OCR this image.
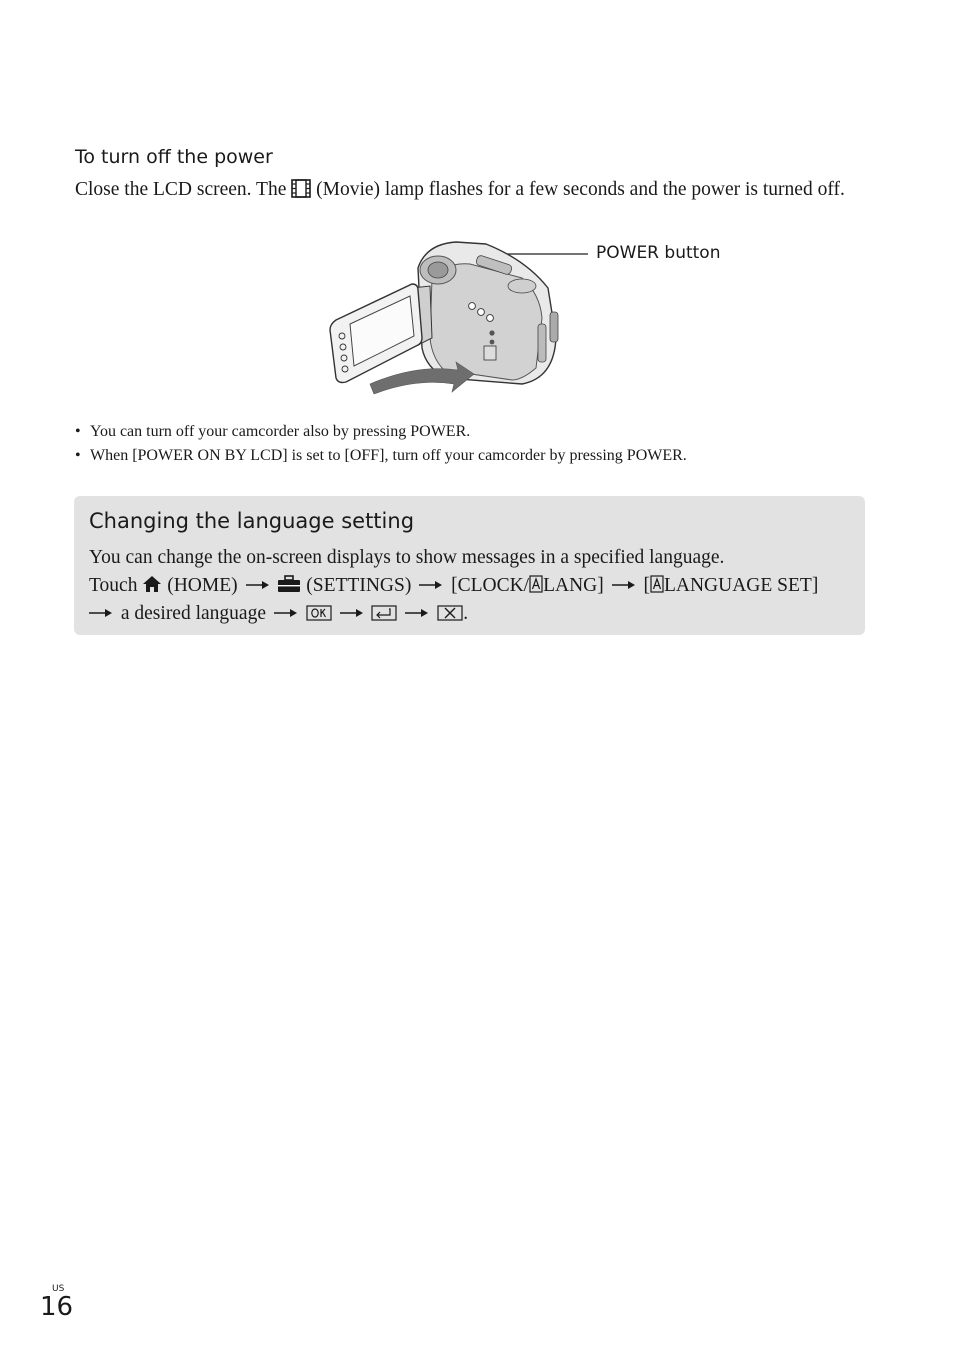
To turn off the power
Close the LCD screen. The (Movie) lamp flashes for a few seconds and the power is turned off.
POWER button
• You can turn off your camcorder also by pressing POWER.
• When [POWER ON BY LCD] is set to [OFF], turn off your camcorder by pressing POWER.
Changing the language setting
You can change the on-screen displays to show messages in a specified language.
Touch (HOME)	(SETTINGS) [CLOCK/ LANG] [ LANGUAGE SET]
a desired language	.
US
16
